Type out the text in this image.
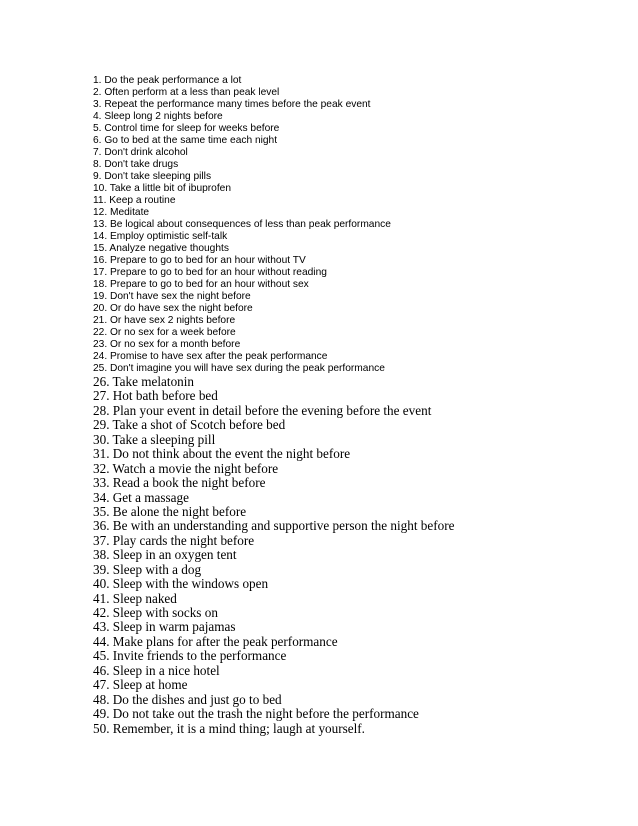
1. Do the peak performance a lot
2. Often perform at a less than peak level
3. Repeat the performance many times before the peak event
4. Sleep long 2 nights before
5. Control time for sleep for weeks before
6. Go to bed at the same time each night
7. Don't drink alcohol
8. Don't take drugs
9. Don't take sleeping pills
10. Take a little bit of ibuprofen
11. Keep a routine
12. Meditate
13. Be logical about consequences of less than peak performance
14. Employ optimistic self-talk
15. Analyze negative thoughts
16. Prepare to go to bed for an hour without TV
17. Prepare to go to bed for an hour without reading
18. Prepare to go to bed for an hour without sex
19. Don't have sex the night before
20. Or do have sex the night before
21. Or have sex 2 nights before
22. Or no sex for a week before
23. Or no sex for a month before
24. Promise to have sex after the peak performance
25. Don't imagine you will have sex during the peak performance
26. Take melatonin
27. Hot bath before bed
28. Plan your event in detail before the evening before the event
29. Take a shot of Scotch before bed
30. Take a sleeping pill
31. Do not think about the event the night before
32. Watch a movie the night before
33. Read a book the night before
34. Get a massage
35. Be alone the night before
36. Be with an understanding and supportive person the night before
37. Play cards the night before
38. Sleep in an oxygen tent
39. Sleep with a dog
40. Sleep with the windows open
41. Sleep naked
42. Sleep with socks on
43. Sleep in warm pajamas
44. Make plans for after the peak performance
45. Invite friends to the performance
46. Sleep in a nice hotel
47. Sleep at home
48. Do the dishes and just go to bed
49. Do not take out the trash the night before the performance
50. Remember, it is a mind thing; laugh at yourself.
